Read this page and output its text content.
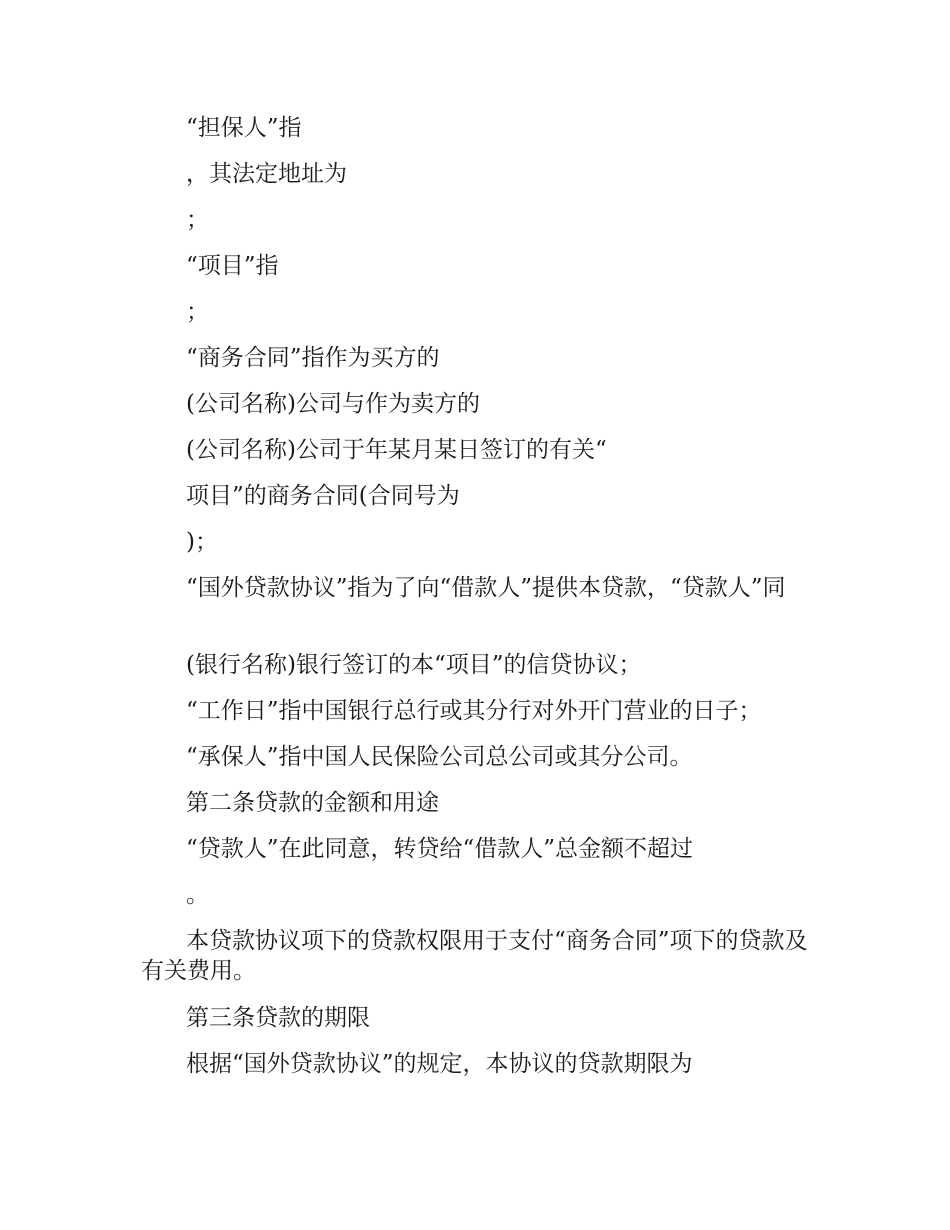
“担保人”指

，其法定地址为

；

“项目”指

；

“商务合同”指作为买方的

(公司名称)公司与作为卖方的

(公司名称)公司于年某月某日签订的有关“

项目”的商务合同(合同号为

)；

“国外贷款协议”指为了向“借款人”提供本贷款，“贷款人”同

(银行名称)银行签订的本“项目”的信贷协议；

“工作日”指中国银行总行或其分行对外开门营业的日子；

“承保人”指中国人民保险公司总公司或其分公司。

第二条贷款的金额和用途

“贷款人”在此同意，转贷给“借款人”总金额不超过

。

本贷款协议项下的贷款权限用于支付“商务合同”项下的贷款及有关费用。

第三条贷款的期限

根据“国外贷款协议”的规定，本协议的贷款期限为
